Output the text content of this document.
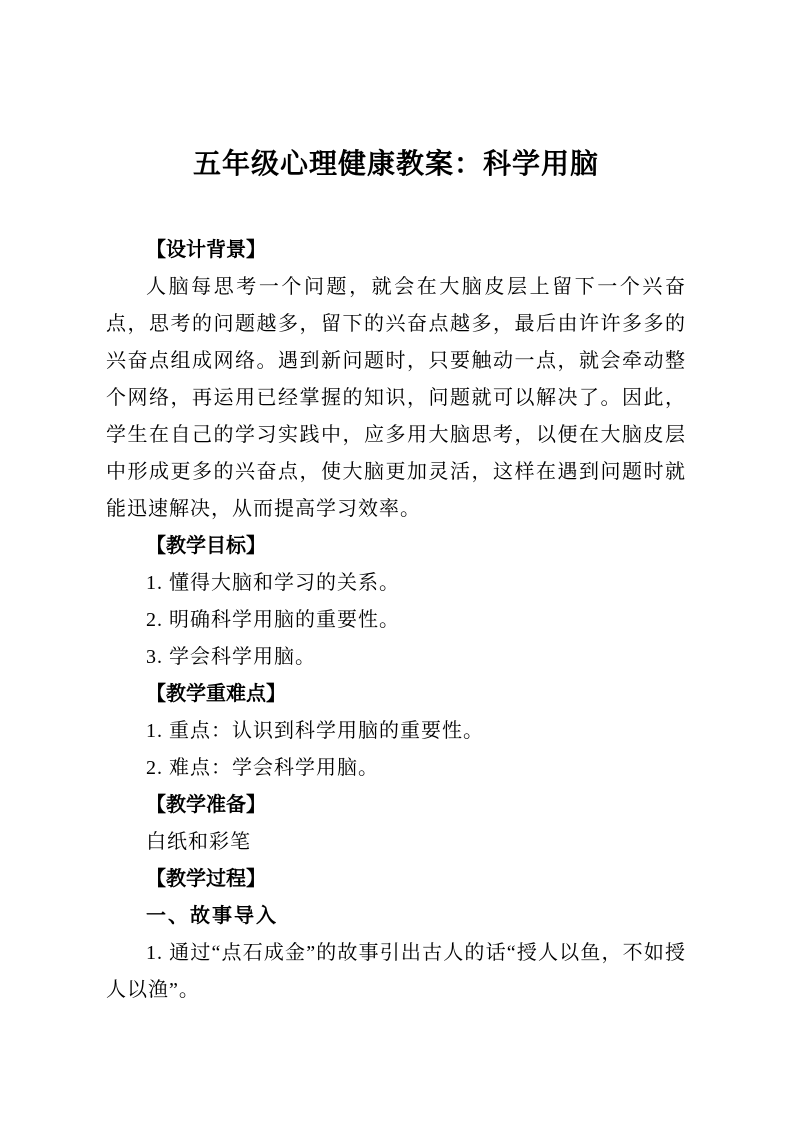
五年级心理健康教案：科学用脑
【设计背景】

人脑每思考一个问题，就会在大脑皮层上留下一个兴奋点，思考的问题越多，留下的兴奋点越多，最后由许许多多的兴奋点组成网络。遇到新问题时，只要触动一点，就会牵动整个网络，再运用已经掌握的知识，问题就可以解决了。因此，学生在自己的学习实践中，应多用大脑思考，以便在大脑皮层中形成更多的兴奋点，使大脑更加灵活，这样在遇到问题时就能迅速解决，从而提高学习效率。

【教学目标】
1. 懂得大脑和学习的关系。
2. 明确科学用脑的重要性。
3. 学会科学用脑。
【教学重难点】
1. 重点：认识到科学用脑的重要性。
2. 难点：学会科学用脑。
【教学准备】
白纸和彩笔
【教学过程】
一、故事导入

1. 通过“点石成金”的故事引出古人的话“授人以鱼，不如授人以渔”。
